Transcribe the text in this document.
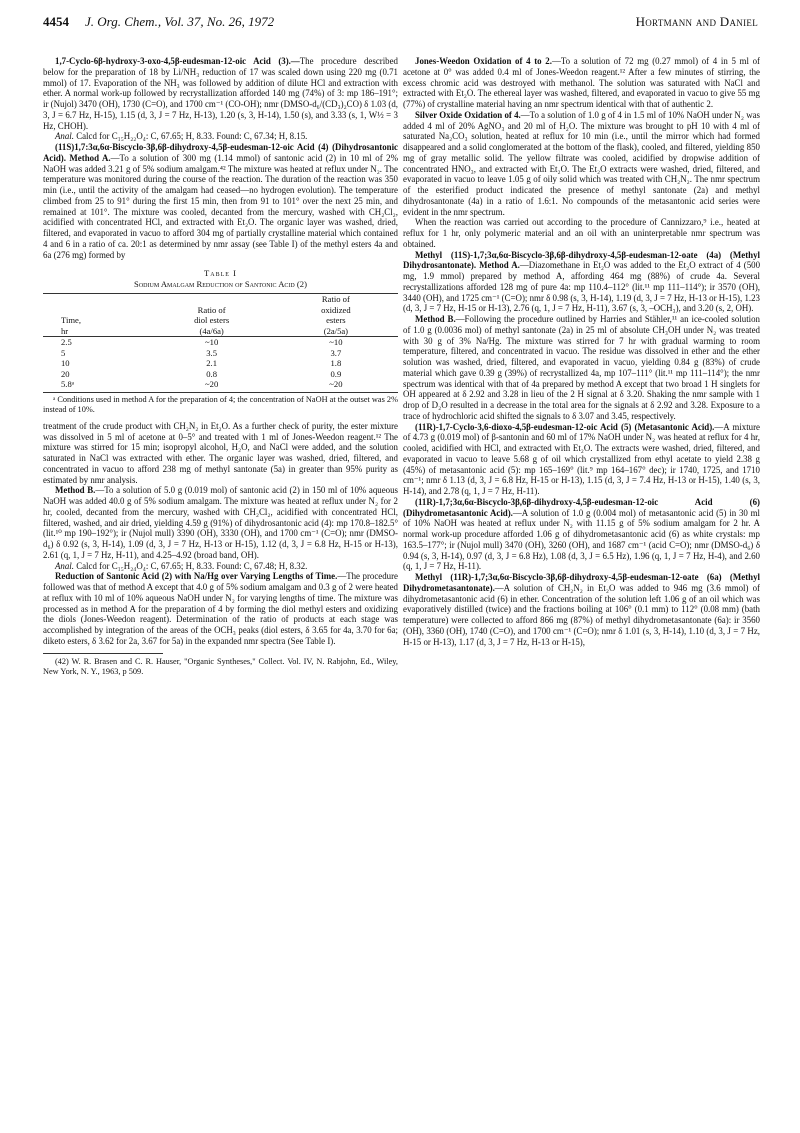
4454 J. Org. Chem., Vol. 37, No. 26, 1972	Hortmann and Daniel

1,7-Cyclo-6β-hydroxy-3-oxo-4,5β-eudesman-12-oic Acid (3).—The procedure described below for the preparation of 18 by Li/NH₃ reduction of 17 was scaled down using 220 mg (0.71 mmol) of 17. Evaporation of the NH₃ was followed by addition of dilute HCl and extraction with ether. A normal work-up followed by recrystallization afforded 140 mg (74%) of 3: mp 186–191°; ir (Nujol) 3470 (OH), 1730 (C=O), and 1700 cm⁻¹ (CO-OH); nmr (DMSO-d₆/(CD₃)₂CO) δ 1.03 (d, 3, J = 6.7 Hz, H-15), 1.15 (d, 3, J = 7 Hz, H-13), 1.20 (s, 3, H-14), 1.50 (s), and 3.33 (s, 1, W½ = 3 Hz, CHOH).

Anal. Calcd for C₁₅H₂₂O₄: C, 67.65; H, 8.33. Found: C, 67.34; H, 8.15.

(11S)1,7:3α,6α-Biscyclo-3β,6β-dihydroxy-4,5β-eudesman-12-oic Acid (4) (Dihydrosantonic Acid). Method A.—To a solution of 300 mg (1.14 mmol) of santonic acid (2) in 10 ml of 2% NaOH was added 3.21 g of 5% sodium amalgam.⁴² The mixture was heated at reflux under N₂. The temperature was monitored during the course of the reaction. The duration of the reaction was 350 min (i.e., until the activity of the amalgam had ceased—no hydrogen evolution). The temperature climbed from 25 to 91° during the first 15 min, then from 91 to 101° over the next 25 min, and remained at 101°. The mixture was cooled, decanted from the mercury, washed with CH₂Cl₂, acidified with concentrated HCl, and extracted with Et₂O. The organic layer was washed, dried, filtered, and evaporated in vacuo to afford 304 mg of partially crystalline material which contained 4 and 6 in a ratio of ca. 20:1 as determined by nmr assay (see Table I) of the methyl esters 4a and 6a (276 mg) formed by

Table I
Sodium Amalgam Reduction of Santonic Acid (2)
Time,
hr	Ratio of
diol esters
(4a/6a)	Ratio of
oxidized
esters
(2a/5a)
2.5	~10	~10
5	3.5	3.7
10	2.1	1.8
20	0.8	0.9
5.8ᵃ	~20	~20
ᵃ Conditions used in method A for the preparation of 4; the concentration of NaOH at the outset was 2% instead of 10%.

treatment of the crude product with CH₂N₂ in Et₂O. As a further check of purity, the ester mixture was dissolved in 5 ml of acetone at 0–5° and treated with 1 ml of Jones-Weedon reagent.¹² The mixture was stirred for 15 min; isopropyl alcohol, H₂O, and NaCl were added, and the solution saturated in NaCl was extracted with ether. The organic layer was washed, dried, filtered, and concentrated in vacuo to afford 238 mg of methyl santonate (5a) in greater than 95% purity as estimated by nmr analysis.

Method B.—To a solution of 5.0 g (0.019 mol) of santonic acid (2) in 150 ml of 10% aqueous NaOH was added 40.0 g of 5% sodium amalgam. The mixture was heated at reflux under N₂ for 2 hr, cooled, decanted from the mercury, washed with CH₂Cl₂, acidified with concentrated HCl, filtered, washed, and air dried, yielding 4.59 g (91%) of dihydrosantonic acid (4): mp 170.8–182.5° (lit.¹⁰ mp 190–192°); ir (Nujol mull) 3390 (OH), 3330 (OH), and 1700 cm⁻¹ (C=O); nmr (DMSO-d₆) δ 0.92 (s, 3, H-14), 1.09 (d, 3, J = 7 Hz, H-13 or H-15), 1.12 (d, 3, J = 6.8 Hz, H-15 or H-13), 2.61 (q, 1, J = 7 Hz, H-11), and 4.25–4.92 (broad band, OH).

Anal. Calcd for C₁₅H₂₄O₄: C, 67.65; H, 8.33. Found: C, 67.48; H, 8.32.

Reduction of Santonic Acid (2) with Na/Hg over Varying Lengths of Time.—The procedure followed was that of method A except that 4.0 g of 5% sodium amalgam and 0.3 g of 2 were heated at reflux with 10 ml of 10% aqueous NaOH under N₂ for varying lengths of time. The mixture was processed as in method A for the preparation of 4 by forming the diol methyl esters and oxidizing the diols (Jones-Weedon reagent). Determination of the ratio of products at each stage was accomplished by integration of the areas of the OCH₃ peaks (diol esters, δ 3.65 for 4a, 3.70 for 6a; diketo esters, δ 3.62 for 2a, 3.67 for 5a) in the expanded nmr spectra (See Table I).

(42) W. R. Brasen and C. R. Hauser, "Organic Syntheses," Collect. Vol. IV, N. Rabjohn, Ed., Wiley, New York, N. Y., 1963, p 509.

Jones-Weedon Oxidation of 4 to 2.—To a solution of 72 mg (0.27 mmol) of 4 in 5 ml of acetone at 0° was added 0.4 ml of Jones-Weedon reagent.¹² After a few minutes of stirring, the excess chromic acid was destroyed with methanol. The solution was saturated with NaCl and extracted with Et₂O. The ethereal layer was washed, filtered, and evaporated in vacuo to give 55 mg (77%) of crystalline material having an nmr spectrum identical with that of authentic 2.

Silver Oxide Oxidation of 4.—To a solution of 1.0 g of 4 in 1.5 ml of 10% NaOH under N₂ was added 4 ml of 20% AgNO₃ and 20 ml of H₂O. The mixture was brought to pH 10 with 4 ml of saturated Na₂CO₃ solution, heated at reflux for 10 min (i.e., until the mirror which had formed disappeared and a solid conglomerated at the bottom of the flask), cooled, and filtered, yielding 850 mg of gray metallic solid. The yellow filtrate was cooled, acidified by dropwise addition of concentrated HNO₃, and extracted with Et₂O. The Et₂O extracts were washed, dried, filtered, and evaporated in vacuo to leave 1.05 g of oily solid which was treated with CH₂N₂. The nmr spectrum of the esterified product indicated the presence of methyl santonate (2a) and methyl dihydrosantonate (4a) in a ratio of 1.6:1. No compounds of the metasantonic acid series were evident in the nmr spectrum.

When the reaction was carried out according to the procedure of Cannizzaro,⁹ i.e., heated at reflux for 1 hr, only polymeric material and an oil with an uninterpretable nmr spectrum was obtained.

Methyl (11S)-1,7;3α,6α-Biscyclo-3β,6β-dihydroxy-4,5β-eudesman-12-oate (4a) (Methyl Dihydrosantonate). Method A.—Diazomethane in Et₂O was added to the Et₂O extract of 4 (500 mg, 1.9 mmol) prepared by method A, affording 464 mg (88%) of crude 4a. Several recrystallizations afforded 128 mg of pure 4a: mp 110.4–112° (lit.¹¹ mp 111–114°); ir 3570 (OH), 3440 (OH), and 1725 cm⁻¹ (C=O); nmr δ 0.98 (s, 3, H-14), 1.19 (d, 3, J = 7 Hz, H-13 or H-15), 1.23 (d, 3, J = 7 Hz, H-15 or H-13), 2.76 (q, 1, J = 7 Hz, H-11), 3.67 (s, 3, –OCH₃), and 3.20 (s, 2, OH).

Method B.—Following the procedure outlined by Harries and Stähler,¹¹ an ice-cooled solution of 1.0 g (0.0036 mol) of methyl santonate (2a) in 25 ml of absolute CH₃OH under N₂ was treated with 30 g of 3% Na/Hg. The mixture was stirred for 7 hr with gradual warming to room temperature, filtered, and concentrated in vacuo. The residue was dissolved in ether and the ether solution was washed, dried, filtered, and evaporated in vacuo, yielding 0.84 g (83%) of crude material which gave 0.39 g (39%) of recrystallized 4a, mp 107–111° (lit.¹¹ mp 111–114°); the nmr spectrum was identical with that of 4a prepared by method A except that two broad 1 H singlets for OH appeared at δ 2.92 and 3.28 in lieu of the 2 H signal at δ 3.20. Shaking the nmr sample with 1 drop of D₂O resulted in a decrease in the total area for the signals at δ 2.92 and 3.28. Exposure to a trace of hydrochloric acid shifted the signals to δ 3.07 and 3.45, respectively.

(11R)-1,7-Cyclo-3,6-dioxo-4,5β-eudesman-12-oic Acid (5) (Metasantonic Acid).—A mixture of 4.73 g (0.019 mol) of β-santonin and 60 ml of 17% NaOH under N₂ was heated at reflux for 4 hr, cooled, acidified with HCl, and extracted with Et₂O. The extracts were washed, dried, filtered, and evaporated in vacuo to leave 5.68 g of oil which crystallized from ethyl acetate to yield 2.38 g (45%) of metasantonic acid (5): mp 165–169° (lit.⁹ mp 164–167° dec); ir 1740, 1725, and 1710 cm⁻¹; nmr δ 1.13 (d, 3, J = 6.8 Hz, H-15 or H-13), 1.15 (d, 3, J = 7.4 Hz, H-13 or H-15), 1.40 (s, 3, H-14), and 2.78 (q, 1, J = 7 Hz, H-11).

(11R)-1,7;3α,6α-Biscyclo-3β,6β-dihydroxy-4,5β-eudesman-12-oic Acid (6) (Dihydrometasantonic Acid).—A solution of 1.0 g (0.004 mol) of metasantonic acid (5) in 30 ml of 10% NaOH was heated at reflux under N₂ with 11.15 g of 5% sodium amalgam for 2 hr. A normal work-up procedure afforded 1.06 g of dihydrometasantonic acid (6) as white crystals: mp 163.5–177°; ir (Nujol mull) 3470 (OH), 3260 (OH), and 1687 cm⁻¹ (acid C=O); nmr (DMSO-d₆) δ 0.94 (s, 3, H-14), 0.97 (d, 3, J = 6.8 Hz), 1.08 (d, 3, J = 6.5 Hz), 1.96 (q, 1, J = 7 Hz, H-4), and 2.60 (q, 1, J = 7 Hz, H-11).

Methyl (11R)-1,7;3α,6α-Biscyclo-3β,6β-dihydroxy-4,5β-eudesman-12-oate (6a) (Methyl Dihydrometasantonate).—A solution of CH₂N₂ in Et₂O was added to 946 mg (3.6 mmol) of dihydrometasantonic acid (6) in ether. Concentration of the solution left 1.06 g of an oil which was evaporatively distilled (twice) and the fractions boiling at 106° (0.1 mm) to 112° (0.08 mm) (bath temperature) were collected to afford 866 mg (87%) of methyl dihydrometasantonate (6a): ir 3560 (OH), 3360 (OH), 1740 (C=O), and 1700 cm⁻¹ (C=O); nmr δ 1.01 (s, 3, H-14), 1.10 (d, 3, J = 7 Hz, H-15 or H-13), 1.17 (d, 3, J = 7 Hz, H-13 or H-15),
